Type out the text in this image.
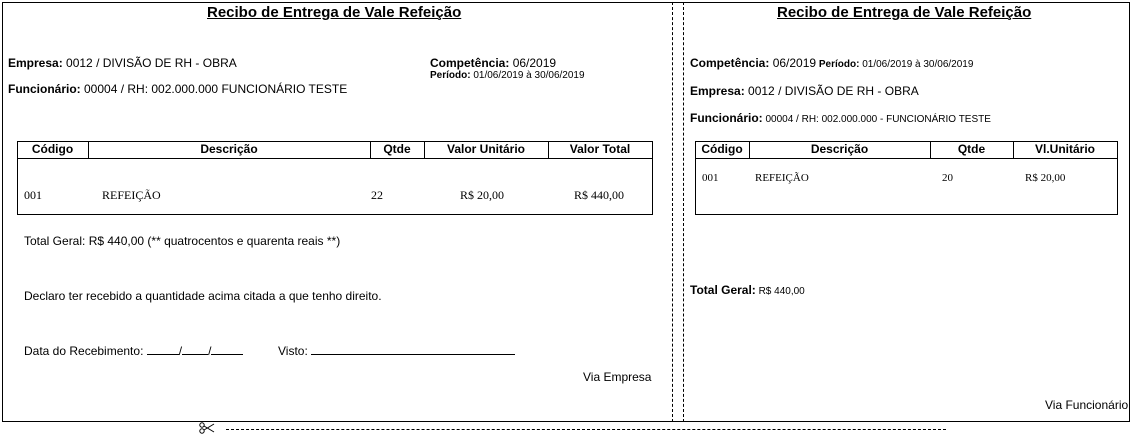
Recibo de Entrega de Vale Refeição
Empresa: 0012 / DIVISÃO DE RH - OBRA	Competência: 06/2019
Período: 01/06/2019 à 30/06/2019
Funcionário: 00004 / RH: 002.000.000 FUNCIONÁRIO TESTE
Código	Descrição	Qtde	Valor Unitário	Valor Total
001	REFEIÇÃO	22	R$ 20,00	R$ 440,00
Total Geral: R$ 440,00 (** quatrocentos e quarenta reais **)
Declaro ter recebido a quantidade acima citada a que tenho direito.
Data do Recebimento:	/ /	Visto:
Via Empresa
Recibo de Entrega de Vale Refeição
Competência: 06/2019 Período: 01/06/2019 à 30/06/2019
Empresa: 0012 / DIVISÃO DE RH - OBRA
Funcionário: 00004 / RH: 002.000.000 - FUNCIONÁRIO TESTE
Código	Descrição	Qtde	Vl.Unitário
001	REFEIÇÃO	20	R$ 20,00
Total Geral: R$ 440,00
Via Funcionário
